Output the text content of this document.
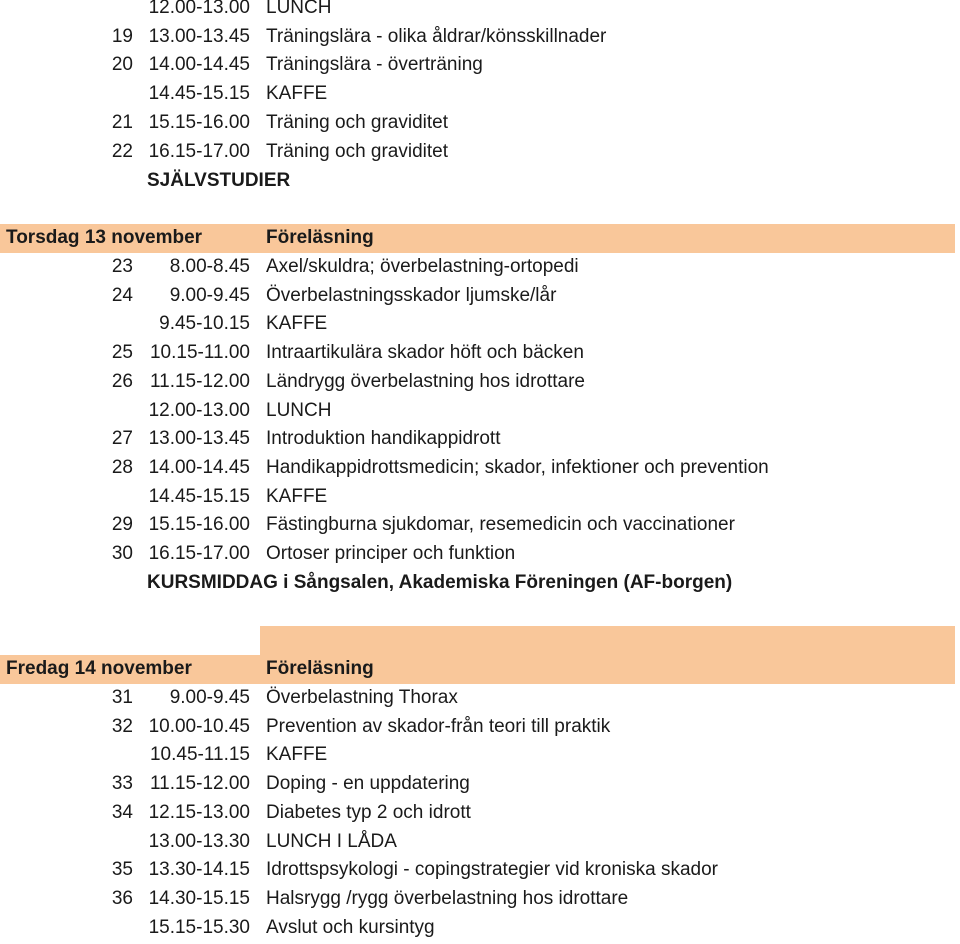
12.00-13.00 LUNCH
19 13.00-13.45 Träningslära - olika åldrar/könsskillnader
20 14.00-14.45 Träningslära - överträning
14.45-15.15 KAFFE
21 15.15-16.00 Träning och graviditet
22 16.15-17.00 Träning och graviditet
SJÄLVSTUDIER
Torsdag 13 november	Föreläsning
23 8.00-8.45 Axel/skuldra; överbelastning-ortopedi
24 9.00-9.45 Överbelastningsskador ljumske/lår
9.45-10.15 KAFFE
25 10.15-11.00 Intraartikulära skador höft och bäcken
26 11.15-12.00 Ländrygg överbelastning hos idrottare
12.00-13.00 LUNCH
27 13.00-13.45 Introduktion handikappidrott
28 14.00-14.45 Handikappidrottsmedicin; skador, infektioner och prevention
14.45-15.15 KAFFE
29 15.15-16.00 Fästingburna sjukdomar, resemedicin och vaccinationer
30 16.15-17.00 Ortoser principer och funktion
KURSMIDDAG i Sångsalen, Akademiska Föreningen (AF-borgen)
Fredag 14 november	Föreläsning
31 9.00-9.45 Överbelastning Thorax
32 10.00-10.45 Prevention av skador-från teori till praktik
10.45-11.15 KAFFE
33 11.15-12.00 Doping - en uppdatering
34 12.15-13.00 Diabetes typ 2 och idrott
13.00-13.30 LUNCH I LÅDA
35 13.30-14.15 Idrottspsykologi - copingstrategier vid kroniska skador
36 14.30-15.15 Halsrygg /rygg överbelastning hos idrottare
15.15-15.30 Avslut och kursintyg
